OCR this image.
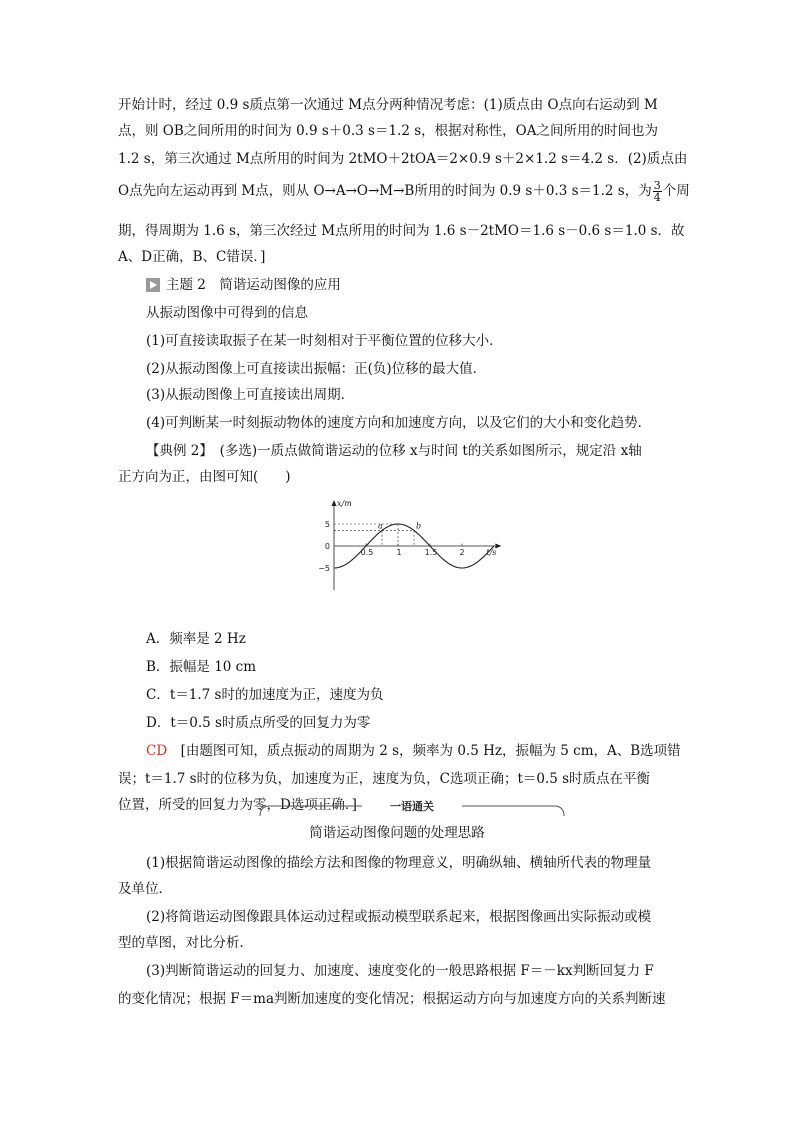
开始计时，经过 0.9 s质点第一次通过 M点分两种情况考虑：(1)质点由 O点向右运动到 M
点，则 OB之间所用的时间为 0.9 s＋0.3 s＝1.2 s，根据对称性，OA之间所用的时间也为
1.2 s，第三次通过 M点所用的时间为 2tMO＋2tOA＝2×0.9 s＋2×1.2 s＝4.2 s．(2)质点由
O点先向左运动再到 M点，则从 O→A→O→M→B所用的时间为 0.9 s＋0.3 s＝1.2 s，为 $\frac{3}{4}$ 个周
期，得周期为 1.6 s，第三次经过 M点所用的时间为 1.6 s－2tMO＝1.6 s－0.6 s＝1.0 s．故
A、D正确，B、C错误．]
主题 2　简谐运动图像的应用
从振动图像中可得到的信息
(1)可直接读取振子在某一时刻相对于平衡位置的位移大小．
(2)从振动图像上可直接读出振幅：正(负)位移的最大值．
(3)从振动图像上可直接读出周期．
(4)可判断某一时刻振动物体的速度方向和加速度方向，以及它们的大小和变化趋势．
【典例 2】　(多选)一质点做简谐运动的位移 x与时间 t的关系如图所示，规定沿 x轴
正方向为正，由图可知(　　)
a	b
0.5	1	1.5	2
5
0
−5
x/m
t/s
A．频率是 2 Hz
B．振幅是 10 cm
C．t＝1.7 s时的加速度为正，速度为负
D．t＝0.5 s时质点所受的回复力为零
CD　[由题图可知，质点振动的周期为 2 s，频率为 0.5 Hz，振幅为 5 cm，A、B选项错
误；t＝1.7 s时的位移为负，加速度为正，速度为负，C选项正确；t＝0.5 s时质点在平衡
位置，所受的回复力为零，D选项正确．]	一语通关
简谐运动图像问题的处理思路
(1)根据简谐运动图像的描绘方法和图像的物理意义，明确纵轴、横轴所代表的物理量
及单位．
(2)将简谐运动图像跟具体运动过程或振动模型联系起来，根据图像画出实际振动或模
型的草图，对比分析．
(3)判断简谐运动的回复力、加速度、速度变化的一般思路根据 F＝－kx判断回复力 F
的变化情况；根据 F＝ma判断加速度的变化情况；根据运动方向与加速度方向的关系判断速
